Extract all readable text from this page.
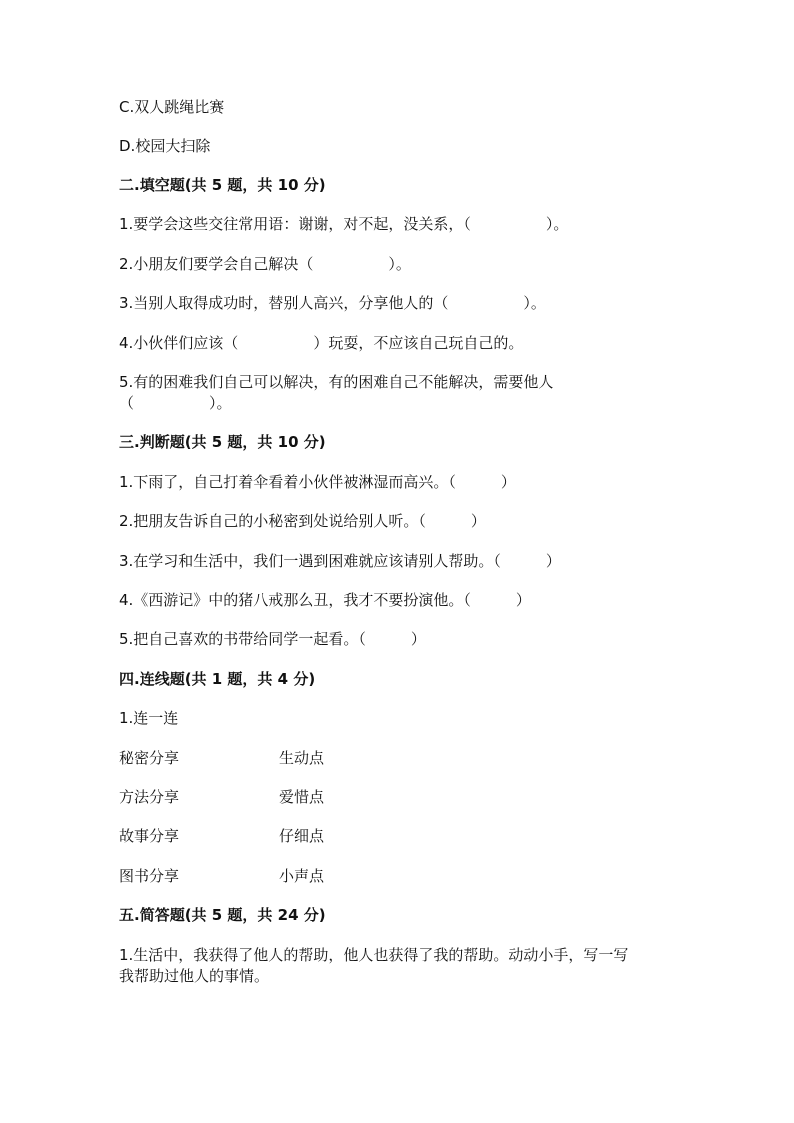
C.双人跳绳比赛
D.校园大扫除
二.填空题(共 5 题，共 10 分)
1.要学会这些交往常用语：谢谢，对不起，没关系，（　　　　　）。
2.小朋友们要学会自己解决（　　　　　）。
3.当别人取得成功时，替别人高兴，分享他人的（　　　　　）。
4.小伙伴们应该（　　　　　）玩耍，不应该自己玩自己的。
5.有的困难我们自己可以解决，有的困难自己不能解决，需要他人
（　　　　　）。
三.判断题(共 5 题，共 10 分)
1.下雨了，自己打着伞看着小伙伴被淋湿而高兴。（　　　）
2.把朋友告诉自己的小秘密到处说给别人听。（　　　）
3.在学习和生活中，我们一遇到困难就应该请别人帮助。（　　　）
4.《西游记》中的猪八戒那么丑，我才不要扮演他。（　　　）
5.把自己喜欢的书带给同学一起看。（　　　）
四.连线题(共 1 题，共 4 分)
1.连一连
秘密分享	生动点
方法分享	爱惜点
故事分享	仔细点
图书分享	小声点
五.简答题(共 5 题，共 24 分)
1.生活中，我获得了他人的帮助，他人也获得了我的帮助。动动小手，写一写
我帮助过他人的事情。
